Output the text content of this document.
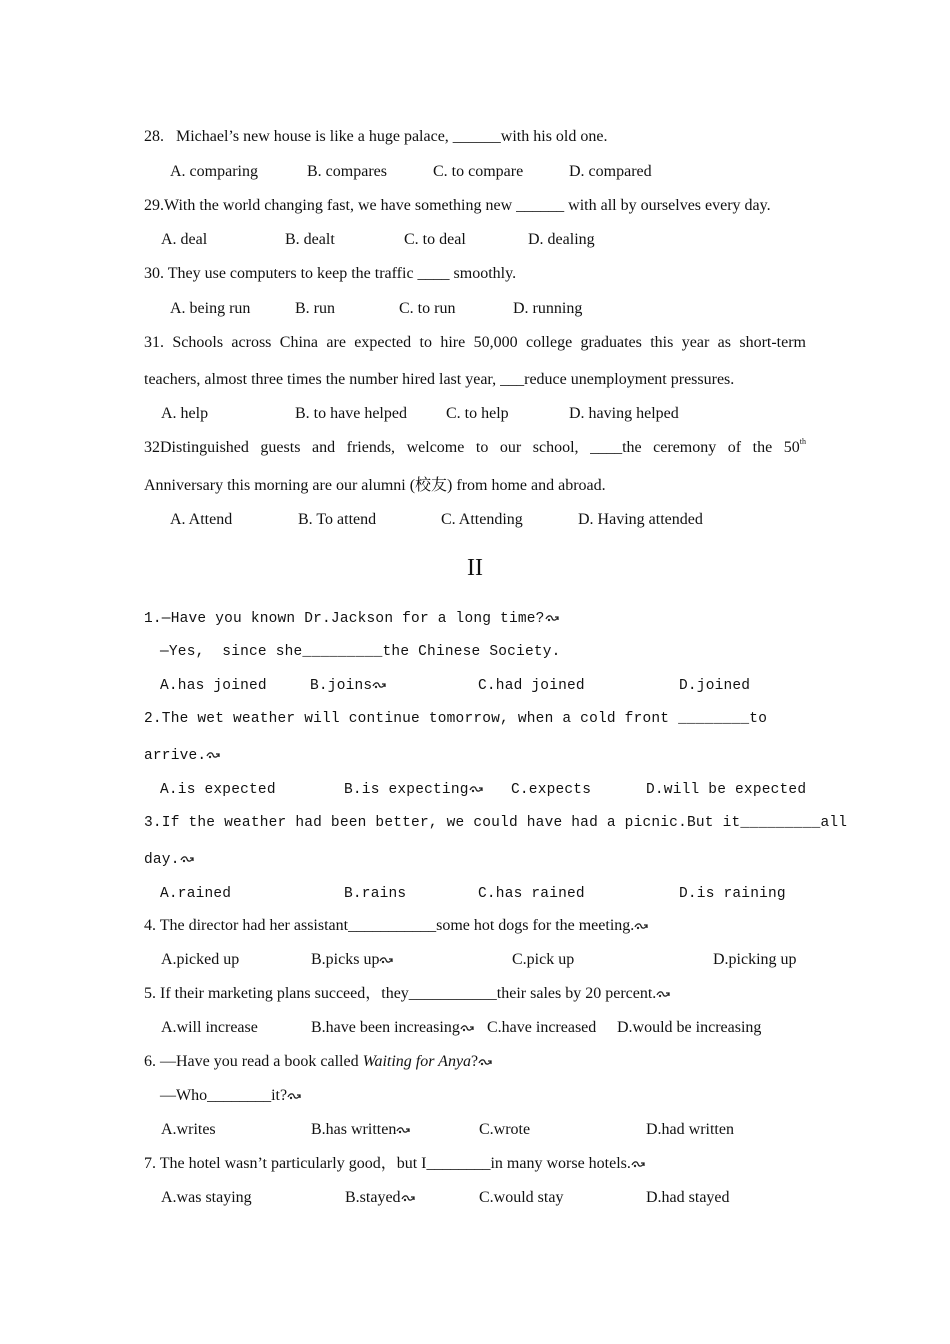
28.   Michael’s new house is like a huge palace, ______with his old one.
A. comparing	B. compares	C. to compare	D. compared
29.With the world changing fast, we have something new ______ with all by ourselves every day.
A. deal	B. dealt	C. to deal	D. dealing
30. They use computers to keep the traffic ____ smoothly.
A. being run	B. run	C. to run	D. running
31. Schools across China are expected to hire 50,000 college graduates this year as short-term
teachers, almost three times the number hired last year, ___reduce unemployment pressures.
A. help	B. to have helped C. to help	D. having helped
32Distinguished guests and friends, welcome to our school, ____the ceremony of the 50th
Anniversary this morning are our alumni (校友) from home and abroad.
A. Attend	B. To attend	C. Attending	D. Having attended
II
1.—Have you known Dr.Jackson for a long time?
—Yes,  since she_________the Chinese Society.
A.has joined	B.joins	C.had joined	D.joined
2.The wet weather will continue tomorrow, when a cold front ________to
arrive.
A.is expected	B.is expecting	C.expects	D.will be expected
3.If the weather had been better, we could have had a picnic.But it_________all
day.
A.rained	B.rains	C.has rained	D.is raining
4. The director had her assistant___________some hot dogs for the meeting.
A.picked up	B.picks up	C.pick up	D.picking up
5. If their marketing plans succeed，they___________their sales by 20 percent.
A.will increase	B.have been increasing	C.have increased D.would be increasing
6. —Have you read a book called Waiting for Anya?
—Who________it?
A.writes	B.has written	C.wrote	D.had written
7. The hotel wasn’t particularly good，but I________in many worse hotels.
A.was staying	B.stayed	C.would stay	D.had stayed
